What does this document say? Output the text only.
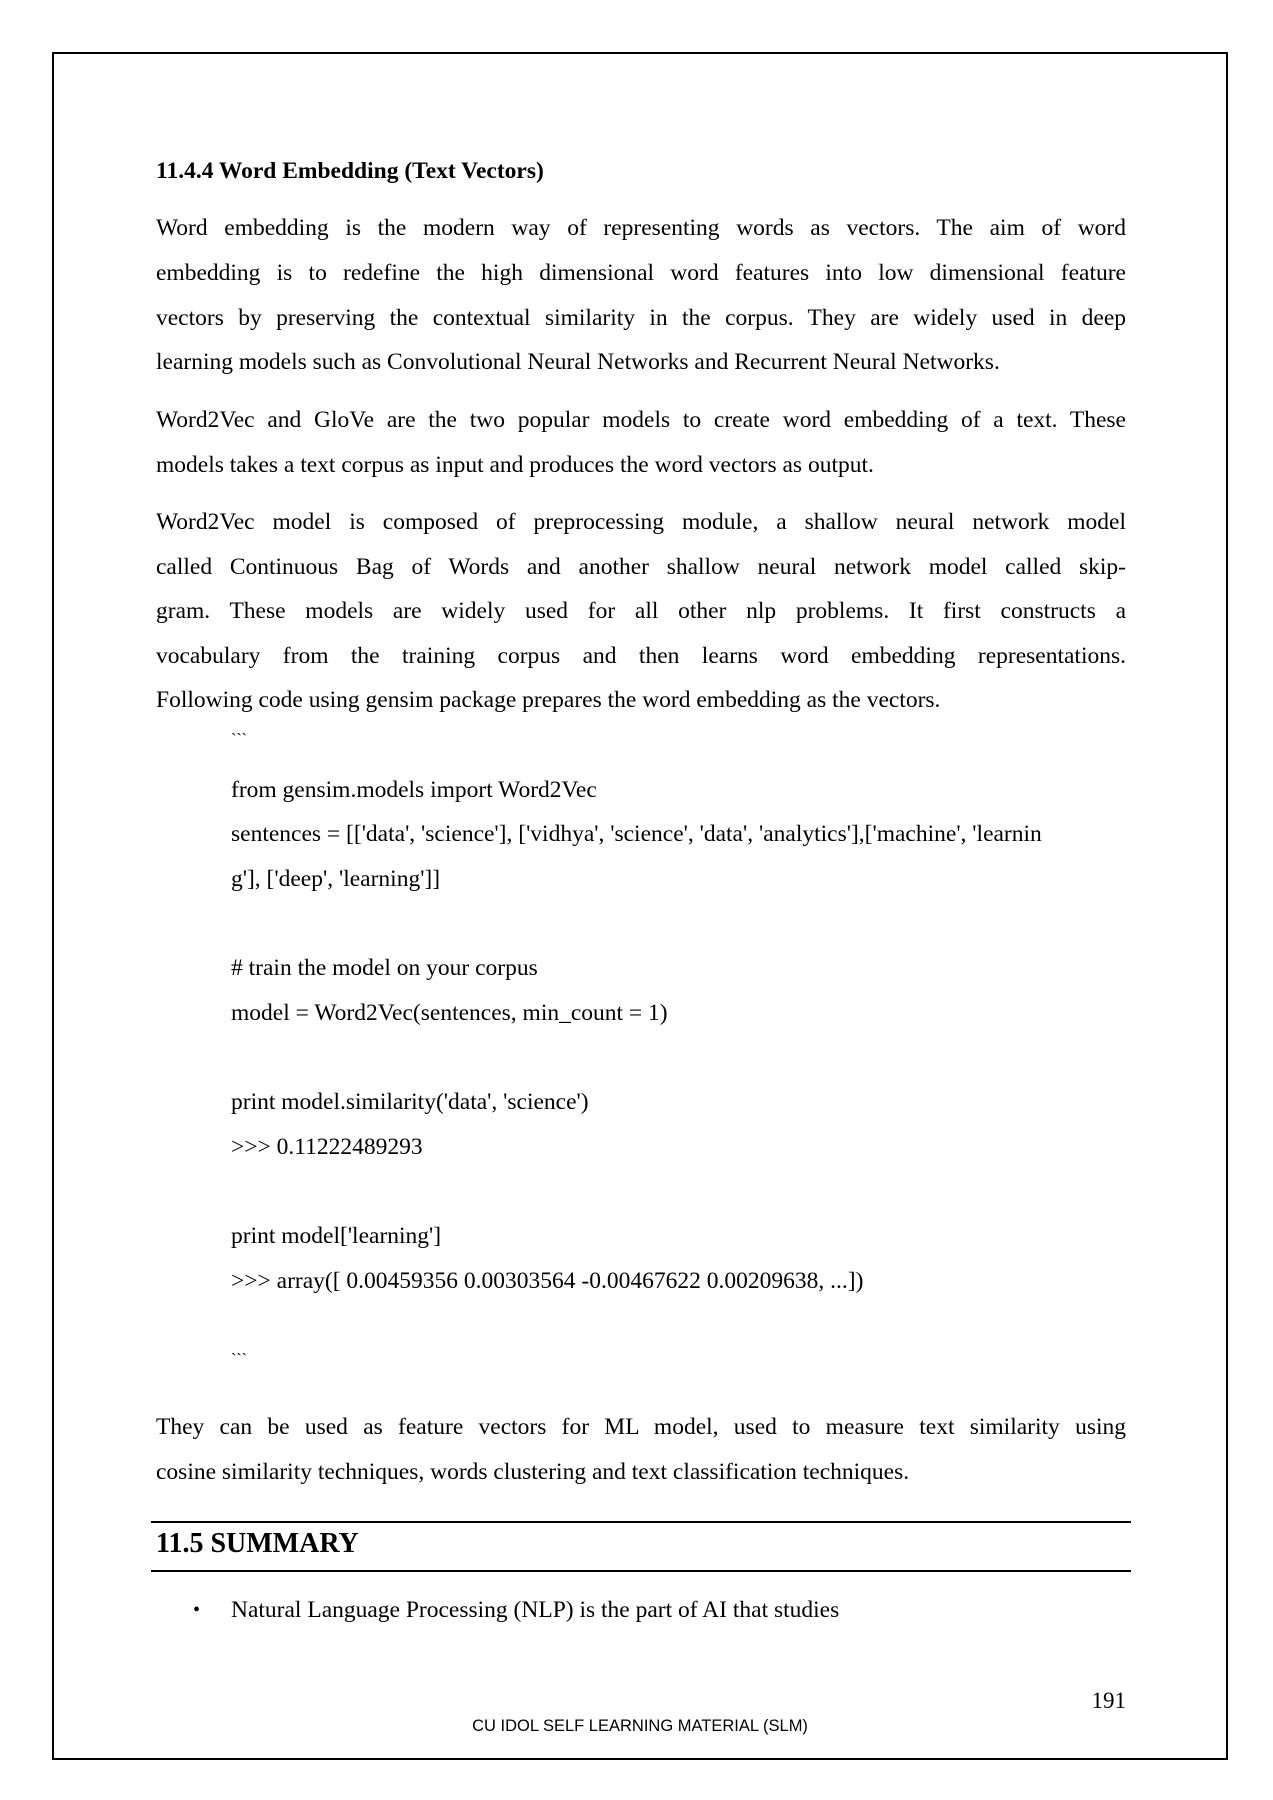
11.4.4 Word Embedding (Text Vectors)
Word embedding is the modern way of representing words as vectors. The aim of word
embedding is to redefine the high dimensional word features into low dimensional feature
vectors by preserving the contextual similarity in the corpus. They are widely used in deep
learning models such as Convolutional Neural Networks and Recurrent Neural Networks.
Word2Vec and GloVe are the two popular models to create word embedding of a text. These
models takes a text corpus as input and produces the word vectors as output.
Word2Vec model is composed of preprocessing module, a shallow neural network model
called Continuous Bag of Words and another shallow neural network model called skip-
gram. These models are widely used for all other nlp problems. It first constructs a
vocabulary from the training corpus and then learns word embedding representations.
Following code using gensim package prepares the word embedding as the vectors.
```
from gensim.models import Word2Vec
sentences = [['data', 'science'], ['vidhya', 'science', 'data', 'analytics'],['machine', 'learnin
g'], ['deep', 'learning']]
# train the model on your corpus
model = Word2Vec(sentences, min_count = 1)
print model.similarity('data', 'science')
>>> 0.11222489293
print model['learning']
>>> array([ 0.00459356 0.00303564 -0.00467622 0.00209638, ...])
```
They can be used as feature vectors for ML model, used to measure text similarity using
cosine similarity techniques, words clustering and text classification techniques.
11.5 SUMMARY
• Natural Language Processing (NLP) is the part of AI that studies
191
CU IDOL SELF LEARNING MATERIAL (SLM)
